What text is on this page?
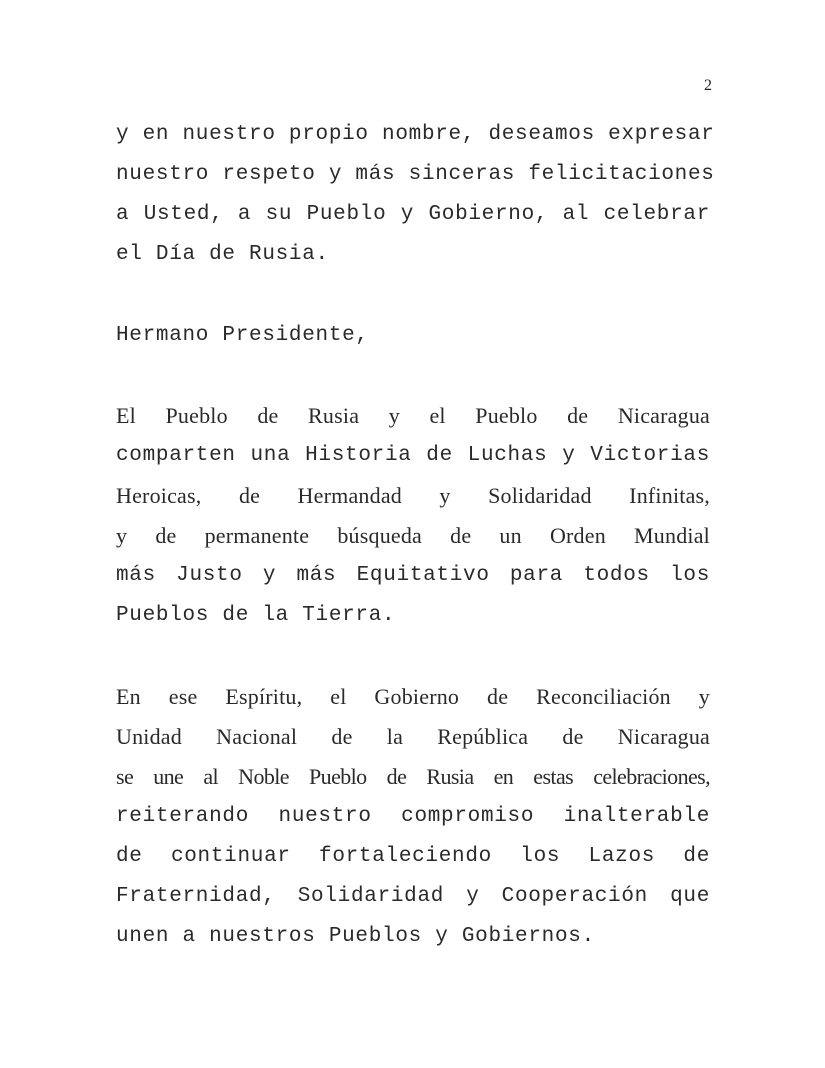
2
y en nuestro propio nombre, deseamos expresar
nuestro respeto y más sinceras felicitaciones
a Usted, a su Pueblo y Gobierno, al celebrar
el Día de Rusia.
Hermano Presidente,
El Pueblo de Rusia y el Pueblo de Nicaragua
comparten una Historia de Luchas y Victorias
Heroicas, de Hermandad y Solidaridad Infinitas,
y de permanente búsqueda de un Orden Mundial
más Justo y más Equitativo para todos los
Pueblos de la Tierra.
En ese Espíritu, el Gobierno de Reconciliación y
Unidad Nacional de la República de Nicaragua
se une al Noble Pueblo de Rusia en estas celebraciones,
reiterando nuestro compromiso inalterable
de continuar fortaleciendo los Lazos de
Fraternidad, Solidaridad y Cooperación que
unen a nuestros Pueblos y Gobiernos.
